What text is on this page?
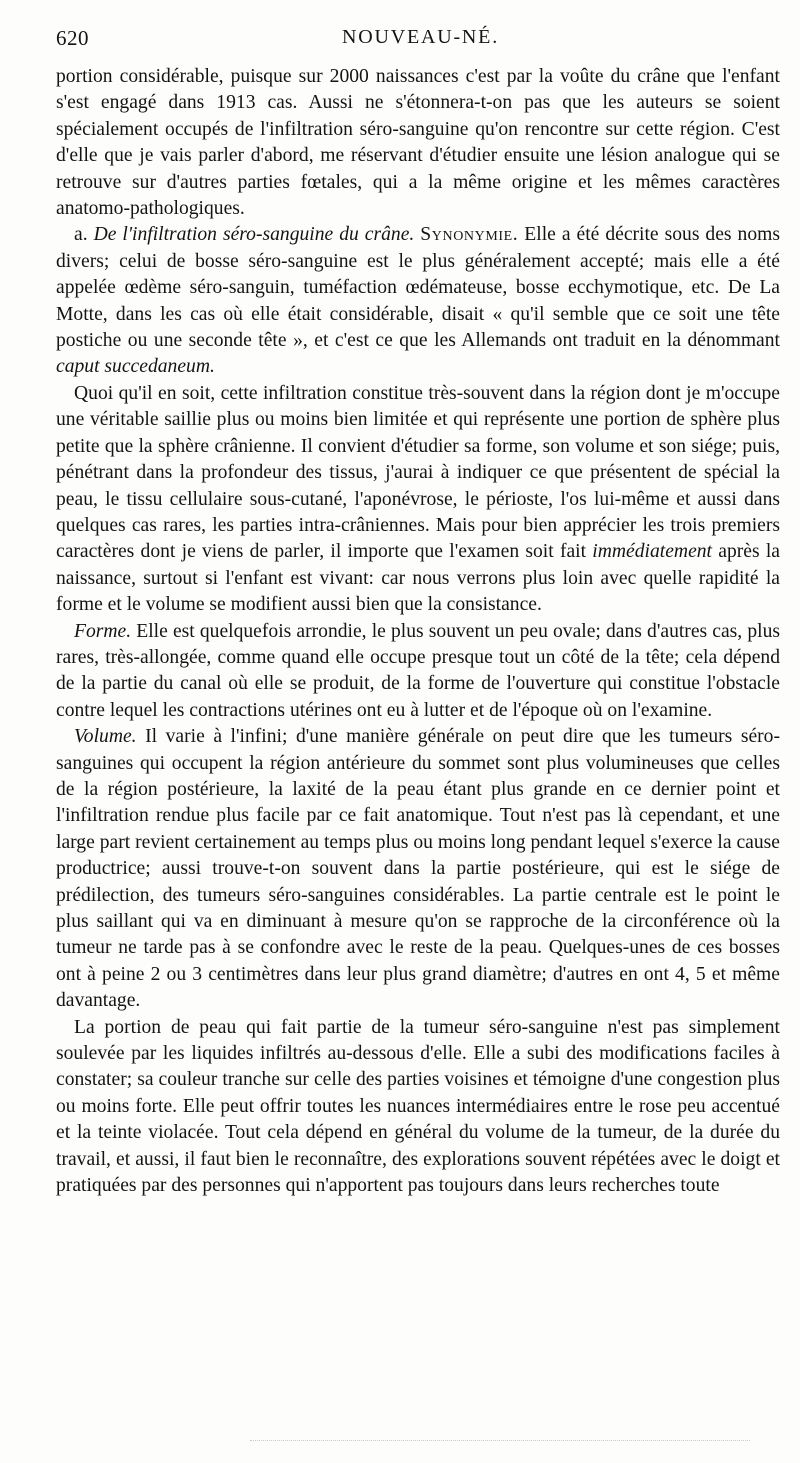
620	NOUVEAU-NÉ.

portion considérable, puisque sur 2000 naissances c'est par la voûte du crâne que l'enfant s'est engagé dans 1913 cas. Aussi ne s'étonnera-t-on pas que les auteurs se soient spécialement occupés de l'infiltration séro-sanguine qu'on rencontre sur cette région. C'est d'elle que je vais parler d'abord, me réservant d'étudier ensuite une lésion analogue qui se retrouve sur d'autres parties fœtales, qui a la même origine et les mêmes caractères anatomo-pathologiques.

a. De l'infiltration séro-sanguine du crâne. Synonymie. Elle a été décrite sous des noms divers; celui de bosse séro-sanguine est le plus généralement accepté; mais elle a été appelée œdème séro-sanguin, tuméfaction œdémateuse, bosse ecchymotique, etc. De La Motte, dans les cas où elle était considérable, disait « qu'il semble que ce soit une tête postiche ou une seconde tête », et c'est ce que les Allemands ont traduit en la dénommant caput succedaneum.

Quoi qu'il en soit, cette infiltration constitue très-souvent dans la région dont je m'occupe une véritable saillie plus ou moins bien limitée et qui représente une portion de sphère plus petite que la sphère crânienne. Il convient d'étudier sa forme, son volume et son siége; puis, pénétrant dans la profondeur des tissus, j'aurai à indiquer ce que présentent de spécial la peau, le tissu cellulaire sous-cutané, l'aponévrose, le périoste, l'os lui-même et aussi dans quelques cas rares, les parties intra-crâniennes. Mais pour bien apprécier les trois premiers caractères dont je viens de parler, il importe que l'examen soit fait immédiatement après la naissance, surtout si l'enfant est vivant: car nous verrons plus loin avec quelle rapidité la forme et le volume se modifient aussi bien que la consistance.

Forme. Elle est quelquefois arrondie, le plus souvent un peu ovale; dans d'autres cas, plus rares, très-allongée, comme quand elle occupe presque tout un côté de la tête; cela dépend de la partie du canal où elle se produit, de la forme de l'ouverture qui constitue l'obstacle contre lequel les contractions utérines ont eu à lutter et de l'époque où on l'examine.

Volume. Il varie à l'infini; d'une manière générale on peut dire que les tumeurs séro-sanguines qui occupent la région antérieure du sommet sont plus volumineuses que celles de la région postérieure, la laxité de la peau étant plus grande en ce dernier point et l'infiltration rendue plus facile par ce fait anatomique. Tout n'est pas là cependant, et une large part revient certainement au temps plus ou moins long pendant lequel s'exerce la cause productrice; aussi trouve-t-on souvent dans la partie postérieure, qui est le siége de prédilection, des tumeurs séro-sanguines considérables. La partie centrale est le point le plus saillant qui va en diminuant à mesure qu'on se rapproche de la circonférence où la tumeur ne tarde pas à se confondre avec le reste de la peau. Quelques-unes de ces bosses ont à peine 2 ou 3 centimètres dans leur plus grand diamètre; d'autres en ont 4, 5 et même davantage.

La portion de peau qui fait partie de la tumeur séro-sanguine n'est pas simplement soulevée par les liquides infiltrés au-dessous d'elle. Elle a subi des modifications faciles à constater; sa couleur tranche sur celle des parties voisines et témoigne d'une congestion plus ou moins forte. Elle peut offrir toutes les nuances intermédiaires entre le rose peu accentué et la teinte violacée. Tout cela dépend en général du volume de la tumeur, de la durée du travail, et aussi, il faut bien le reconnaître, des explorations souvent répétées avec le doigt et pratiquées par des personnes qui n'apportent pas toujours dans leurs recherches toute
